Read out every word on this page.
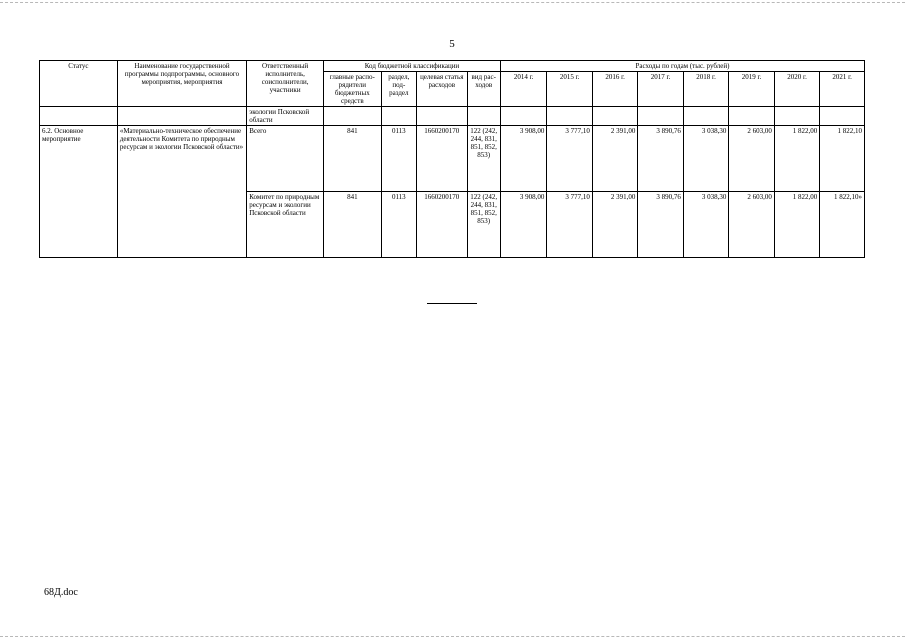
5
Статус	Наименование государственной программы подпрограммы, основного мероприятия, мероприятия	Ответственный исполнитель, соисполнители, участники	Код бюджетной классификации				Расходы по годам (тыс. рублей)							
			главные распо-рядители бюджетных средств	раздел, под-раздел	целевая статья расходов	вид рас-ходов	2014 г.	2015 г.	2016 г.	2017 г.	2018 г.	2019 г.	2020 г.	2021 г.
		экологии Псковской области												
6.2. Основное мероприятие	«Материально-техническое обеспечение деятельности Комитета по природным ресурсам и экологии Псковской области»	Всего	841	0113	1660200170	122 (242, 244, 831, 851, 852, 853)	3 908,00	3 777,10	2 391,00	3 890,76	3 038,30	2 603,00	1 822,00	1 822,10
		Комитет по природным ресурсам и экологии Псковской области	841	0113	1660200170	122 (242, 244, 831, 851, 852, 853)	3 908,00	3 777,10	2 391,00	3 890,76	3 038,30	2 603,00	1 822,00	1 822,10»
68Д.doc
